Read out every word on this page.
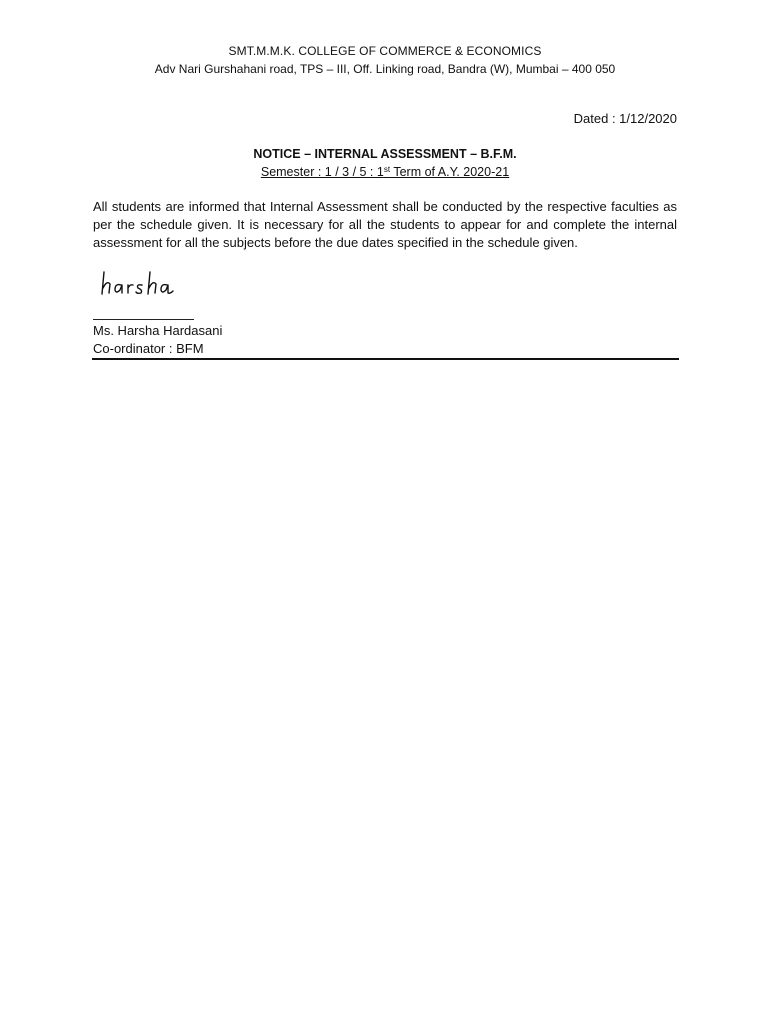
SMT.M.M.K. COLLEGE OF COMMERCE & ECONOMICS
Adv Nari Gurshahani road, TPS – III, Off. Linking road, Bandra (W), Mumbai – 400 050
Dated : 1/12/2020
NOTICE – INTERNAL ASSESSMENT – B.F.M.
Semester : 1 / 3 / 5 : 1st Term of A.Y. 2020-21
All students are informed that Internal Assessment shall be conducted by the respective faculties as per the schedule given. It is necessary for all the students to appear for and complete the internal assessment for all the subjects before the due dates specified in the schedule given.
Ms. Harsha Hardasani
Co-ordinator : BFM
